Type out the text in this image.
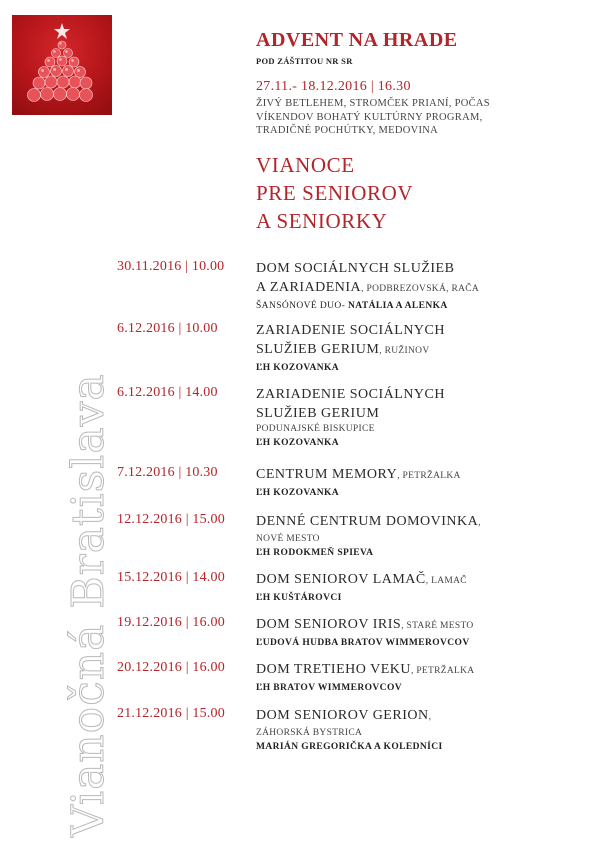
Vianočná Bratislava
ADVENT NA HRADE
POD ZÁŠTITOU NR SR
27.11.- 18.12.2016 | 16.30
ŽIVÝ BETLEHEM, STROMČEK PRIANÍ, POČAS
VÍKENDOV BOHATÝ KULTÚRNY PROGRAM,
TRADIČNÉ POCHÚTKY, MEDOVINA
VIANOCE
PRE SENIOROV
A SENIORKY
30.11.2016 | 10.00 DOM SOCIÁLNYCH SLUŽIEB
A ZARIADENIA, PODBREZOVSKÁ, RAČA
ŠANSÓNOVÉ DUO- NATÁLIA A ALENKA
6.12.2016 | 10.00	ZARIADENIE SOCIÁLNYCH
SLUŽIEB GERIUM, RUŽINOV
ĽH KOZOVANKA
6.12.2016 | 14.00	ZARIADENIE SOCIÁLNYCH
SLUŽIEB GERIUM
PODUNAJSKÉ BISKUPICE
ĽH KOZOVANKA
7.12.2016 | 10.30	CENTRUM MEMORY, PETRŽALKA
ĽH KOZOVANKA
12.12.2016 | 15.00 DENNÉ CENTRUM DOMOVINKA,
NOVÉ MESTO
ĽH RODOKMEŇ SPIEVA
15.12.2016 | 14.00 DOM SENIOROV LAMAČ, LAMAČ
ĽH KUŠTÁROVCI
19.12.2016 | 16.00 DOM SENIOROV IRIS, STARÉ MESTO
ĽUDOVÁ HUDBA BRATOV WIMMEROVCOV
20.12.2016 | 16.00 DOM TRETIEHO VEKU, PETRŽALKA
ĽH BRATOV WIMMEROVCOV
21.12.2016 | 15.00 DOM SENIOROV GERION,
ZÁHORSKÁ BYSTRICA
MARIÁN GREGORIČKA A KOLEDNÍCI
